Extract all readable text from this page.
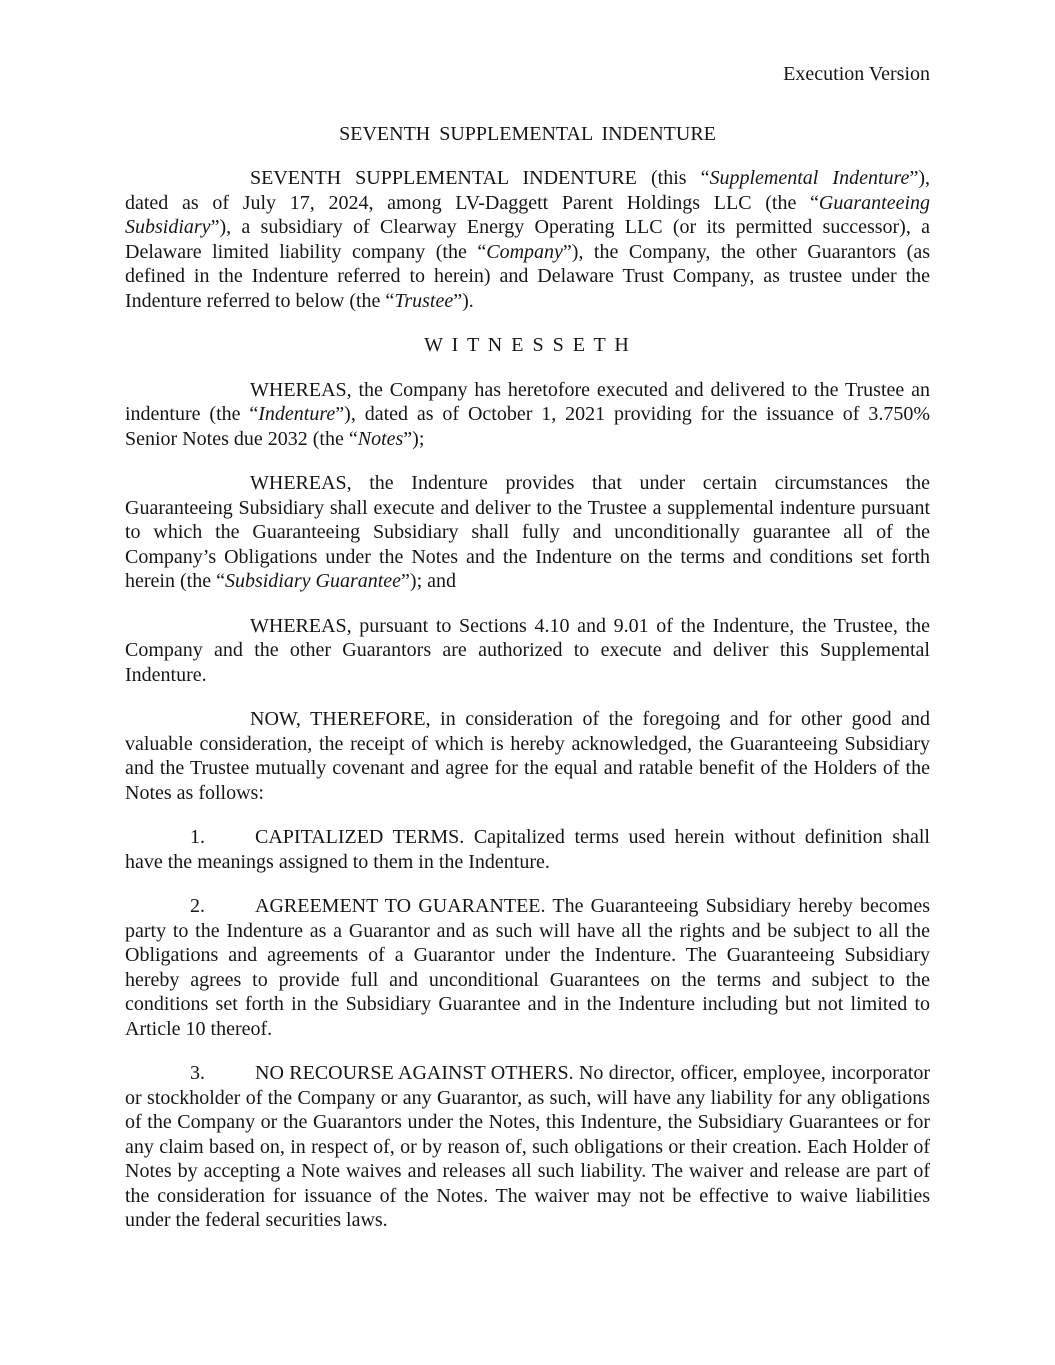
Execution Version
SEVENTH SUPPLEMENTAL INDENTURE

SEVENTH SUPPLEMENTAL INDENTURE (this “Supplemental Indenture”), dated as of July 17, 2024, among LV-Daggett Parent Holdings LLC (the “Guaranteeing Subsidiary”), a subsidiary of Clearway Energy Operating LLC (or its permitted successor), a Delaware limited liability company (the “Company”), the Company, the other Guarantors (as defined in the Indenture referred to herein) and Delaware Trust Company, as trustee under the Indenture referred to below (the “Trustee”).

W I T N E S S E T H

WHEREAS, the Company has heretofore executed and delivered to the Trustee an indenture (the “Indenture”), dated as of October 1, 2021 providing for the issuance of 3.750% Senior Notes due 2032 (the “Notes”);

WHEREAS, the Indenture provides that under certain circumstances the Guaranteeing Subsidiary shall execute and deliver to the Trustee a supplemental indenture pursuant to which the Guaranteeing Subsidiary shall fully and unconditionally guarantee all of the Company’s Obligations under the Notes and the Indenture on the terms and conditions set forth herein (the “Subsidiary Guarantee”); and

WHEREAS, pursuant to Sections 4.10 and 9.01 of the Indenture, the Trustee, the Company and the other Guarantors are authorized to execute and deliver this Supplemental Indenture.

NOW, THEREFORE, in consideration of the foregoing and for other good and valuable consideration, the receipt of which is hereby acknowledged, the Guaranteeing Subsidiary and the Trustee mutually covenant and agree for the equal and ratable benefit of the Holders of the Notes as follows:

1.	CAPITALIZED TERMS. Capitalized terms used herein without definition shall have the meanings assigned to them in the Indenture.

2.	AGREEMENT TO GUARANTEE. The Guaranteeing Subsidiary hereby becomes party to the Indenture as a Guarantor and as such will have all the rights and be subject to all the Obligations and agreements of a Guarantor under the Indenture. The Guaranteeing Subsidiary hereby agrees to provide full and unconditional Guarantees on the terms and subject to the conditions set forth in the Subsidiary Guarantee and in the Indenture including but not limited to Article 10 thereof.

3.	NO RECOURSE AGAINST OTHERS. No director, officer, employee, incorporator or stockholder of the Company or any Guarantor, as such, will have any liability for any obligations of the Company or the Guarantors under the Notes, this Indenture, the Subsidiary Guarantees or for any claim based on, in respect of, or by reason of, such obligations or their creation. Each Holder of Notes by accepting a Note waives and releases all such liability. The waiver and release are part of the consideration for issuance of the Notes. The waiver may not be effective to waive liabilities under the federal securities laws.
